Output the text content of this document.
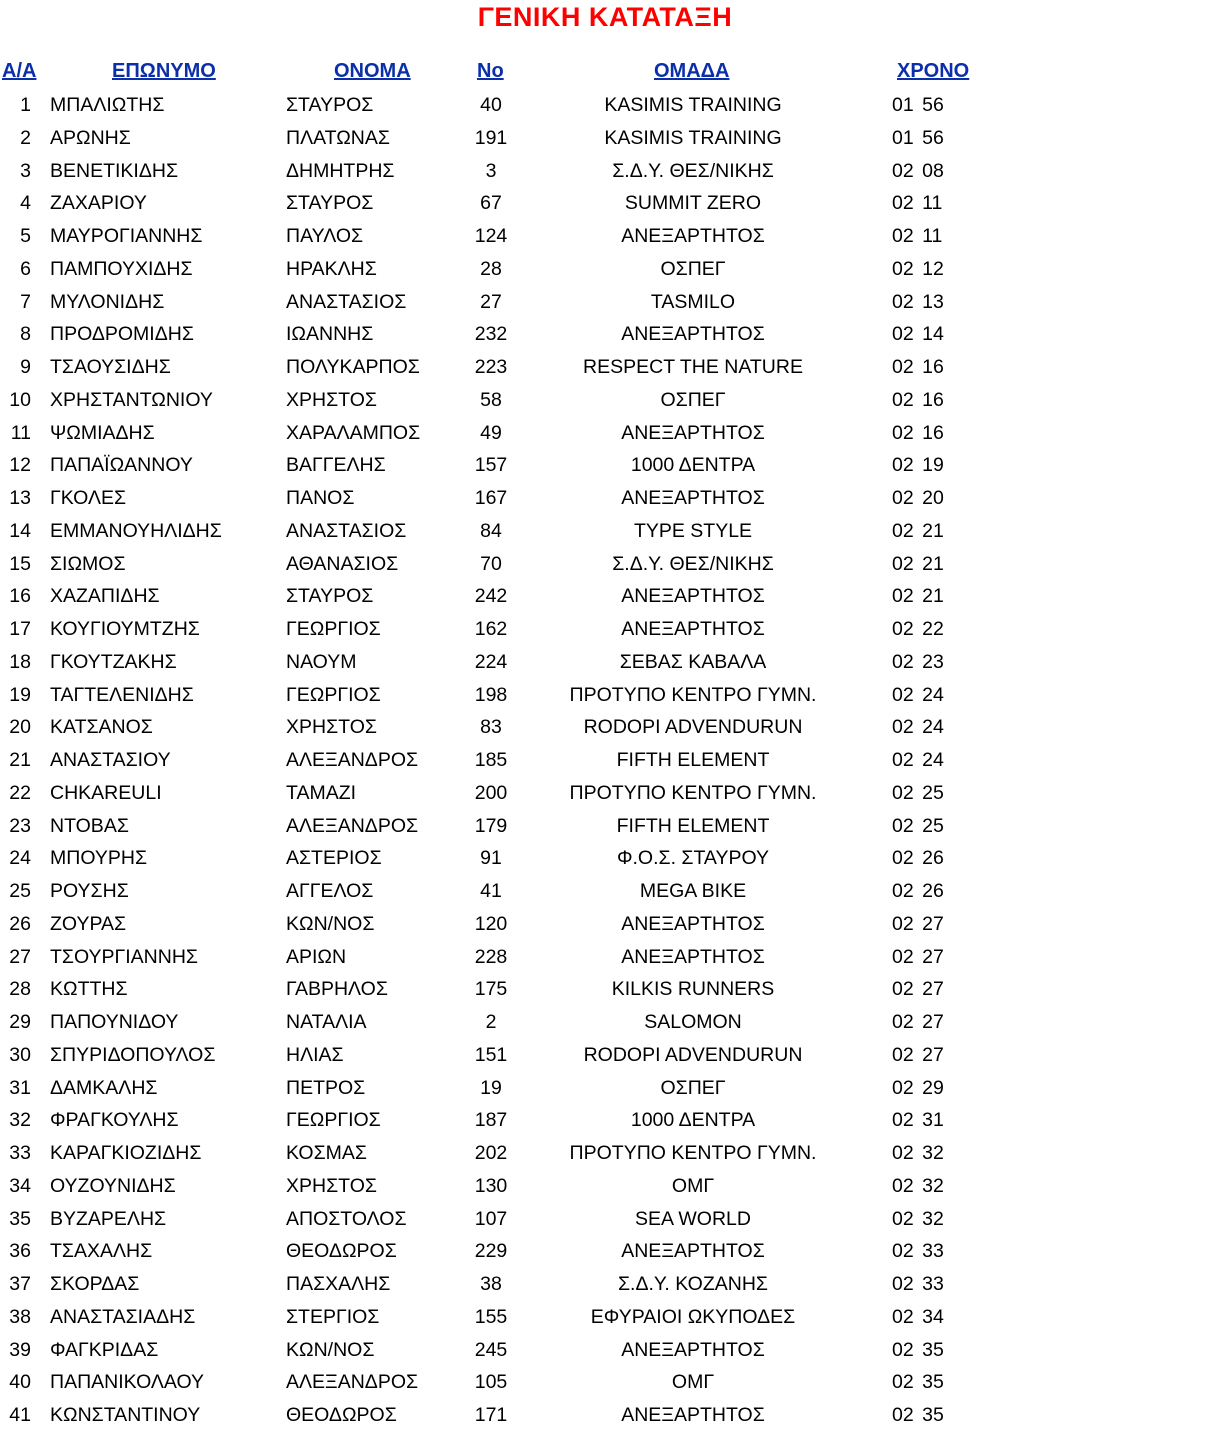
ΓΕΝΙΚΗ ΚΑΤΑΤΑΞΗ
A/A	ΕΠΩΝΥΜΟ	ΟΝΟΜΑ	No	ΟΜΑΔΑ	ΧΡΟΝΟ
1 ΜΠΑΛΙΩΤΗΣ	ΣΤΑΥΡΟΣ	40	KASIMIS TRAINING	01 56
2 ΑΡΩΝΗΣ	ΠΛΑΤΩΝΑΣ	191	KASIMIS TRAINING	01 56
3 ΒΕΝΕΤΙΚΙΔΗΣ	ΔΗΜΗΤΡΗΣ	3	Σ.Δ.Υ. ΘΕΣ/ΝΙΚΗΣ	02 08
4 ΖΑΧΑΡΙΟΥ	ΣΤΑΥΡΟΣ	67	SUMMIT ZERO	02 11
5 ΜΑΥΡΟΓΙΑΝΝΗΣ	ΠΑΥΛΟΣ	124	ΑΝΕΞΑΡΤΗΤΟΣ	02 11
6 ΠΑΜΠΟΥΧΙΔΗΣ	ΗΡΑΚΛΗΣ	28	ΟΣΠΕΓ	02 12
7 ΜΥΛΟΝΙΔΗΣ	ΑΝΑΣΤΑΣΙΟΣ	27	TASMILO	02 13
8 ΠΡΟΔΡΟΜΙΔΗΣ	ΙΩΑΝΝΗΣ	232	ΑΝΕΞΑΡΤΗΤΟΣ	02 14
9 ΤΣΑΟΥΣΙΔΗΣ	ΠΟΛΥΚΑΡΠΟΣ	223	RESPECT THE NATURE	02 16
10 ΧΡΗΣΤΑΝΤΩΝΙΟΥ	ΧΡΗΣΤΟΣ	58	ΟΣΠΕΓ	02 16
11 ΨΩΜΙΑΔΗΣ	ΧΑΡΑΛΑΜΠΟΣ	49	ΑΝΕΞΑΡΤΗΤΟΣ	02 16
12 ΠΑΠΑΪΩΑΝΝΟΥ	ΒΑΓΓΕΛΗΣ	157	1000 ΔΕΝΤΡΑ	02 19
13 ΓΚΟΛΕΣ	ΠΑΝΟΣ	167	ΑΝΕΞΑΡΤΗΤΟΣ	02 20
14 ΕΜΜΑΝΟΥΗΛΙΔΗΣ	ΑΝΑΣΤΑΣΙΟΣ	84	TYPE STYLE	02 21
15 ΣΙΩΜΟΣ	ΑΘΑΝΑΣΙΟΣ	70	Σ.Δ.Υ. ΘΕΣ/ΝΙΚΗΣ	02 21
16 ΧΑΖΑΠΙΔΗΣ	ΣΤΑΥΡΟΣ	242	ΑΝΕΞΑΡΤΗΤΟΣ	02 21
17 ΚΟΥΓΙΟΥΜΤΖΗΣ	ΓΕΩΡΓΙΟΣ	162	ΑΝΕΞΑΡΤΗΤΟΣ	02 22
18 ΓΚΟΥΤΖΑΚΗΣ	ΝΑΟΥΜ	224	ΣΕΒΑΣ ΚΑΒΑΛΑ	02 23
19 ΤΑΓΤΕΛΕΝΙΔΗΣ	ΓΕΩΡΓΙΟΣ	198	ΠΡΟΤΥΠΟ ΚΕΝΤΡΟ ΓΥΜΝ.	02 24
20 ΚΑΤΣΑΝΟΣ	ΧΡΗΣΤΟΣ	83	RODOPI ADVENDURUN	02 24
21 ΑΝΑΣΤΑΣΙΟΥ	ΑΛΕΞΑΝΔΡΟΣ	185	FIFTH ELEMENT	02 24
22 CHKAREULI	ΤΑΜΑΖΙ	200	ΠΡΟΤΥΠΟ ΚΕΝΤΡΟ ΓΥΜΝ.	02 25
23 ΝΤΟΒΑΣ	ΑΛΕΞΑΝΔΡΟΣ	179	FIFTH ELEMENT	02 25
24 ΜΠΟΥΡΗΣ	ΑΣΤΕΡΙΟΣ	91	Φ.Ο.Σ. ΣΤΑΥΡΟΥ	02 26
25 ΡΟΥΣΗΣ	ΑΓΓΕΛΟΣ	41	MEGA BIKE	02 26
26 ΖΟΥΡΑΣ	ΚΩΝ/ΝΟΣ	120	ΑΝΕΞΑΡΤΗΤΟΣ	02 27
27 ΤΣΟΥΡΓΙΑΝΝΗΣ	ΑΡΙΩΝ	228	ΑΝΕΞΑΡΤΗΤΟΣ	02 27
28 ΚΩΤΤΗΣ	ΓΑΒΡΗΛΟΣ	175	KILKIS RUNNERS	02 27
29 ΠΑΠΟΥΝΙΔΟΥ	ΝΑΤΑΛΙΑ	2	SALOMON	02 27
30 ΣΠΥΡΙΔΟΠΟΥΛΟΣ	ΗΛΙΑΣ	151	RODOPI ADVENDURUN	02 27
31 ΔΑΜΚΑΛΗΣ	ΠΕΤΡΟΣ	19	ΟΣΠΕΓ	02 29
32 ΦΡΑΓΚΟΥΛΗΣ	ΓΕΩΡΓΙΟΣ	187	1000 ΔΕΝΤΡΑ	02 31
33 ΚΑΡΑΓΚΙΟΖΙΔΗΣ	ΚΟΣΜΑΣ	202	ΠΡΟΤΥΠΟ ΚΕΝΤΡΟ ΓΥΜΝ.	02 32
34 ΟΥΖΟΥΝΙΔΗΣ	ΧΡΗΣΤΟΣ	130	ΟΜΓ	02 32
35 ΒΥΖΑΡΕΛΗΣ	ΑΠΟΣΤΟΛΟΣ	107	SEA WORLD	02 32
36 ΤΣΑΧΑΛΗΣ	ΘΕΟΔΩΡΟΣ	229	ΑΝΕΞΑΡΤΗΤΟΣ	02 33
37 ΣΚΟΡΔΑΣ	ΠΑΣΧΑΛΗΣ	38	Σ.Δ.Υ. ΚΟΖΑΝΗΣ	02 33
38 ΑΝΑΣΤΑΣΙΑΔΗΣ	ΣΤΕΡΓΙΟΣ	155	ΕΦΥΡΑΙΟΙ ΩΚΥΠΟΔΕΣ	02 34
39 ΦΑΓΚΡΙΔΑΣ	ΚΩΝ/ΝΟΣ	245	ΑΝΕΞΑΡΤΗΤΟΣ	02 35
40 ΠΑΠΑΝΙΚΟΛΑΟΥ	ΑΛΕΞΑΝΔΡΟΣ	105	ΟΜΓ	02 35
41 ΚΩΝΣΤΑΝΤΙΝΟΥ	ΘΕΟΔΩΡΟΣ	171	ΑΝΕΞΑΡΤΗΤΟΣ	02 35
